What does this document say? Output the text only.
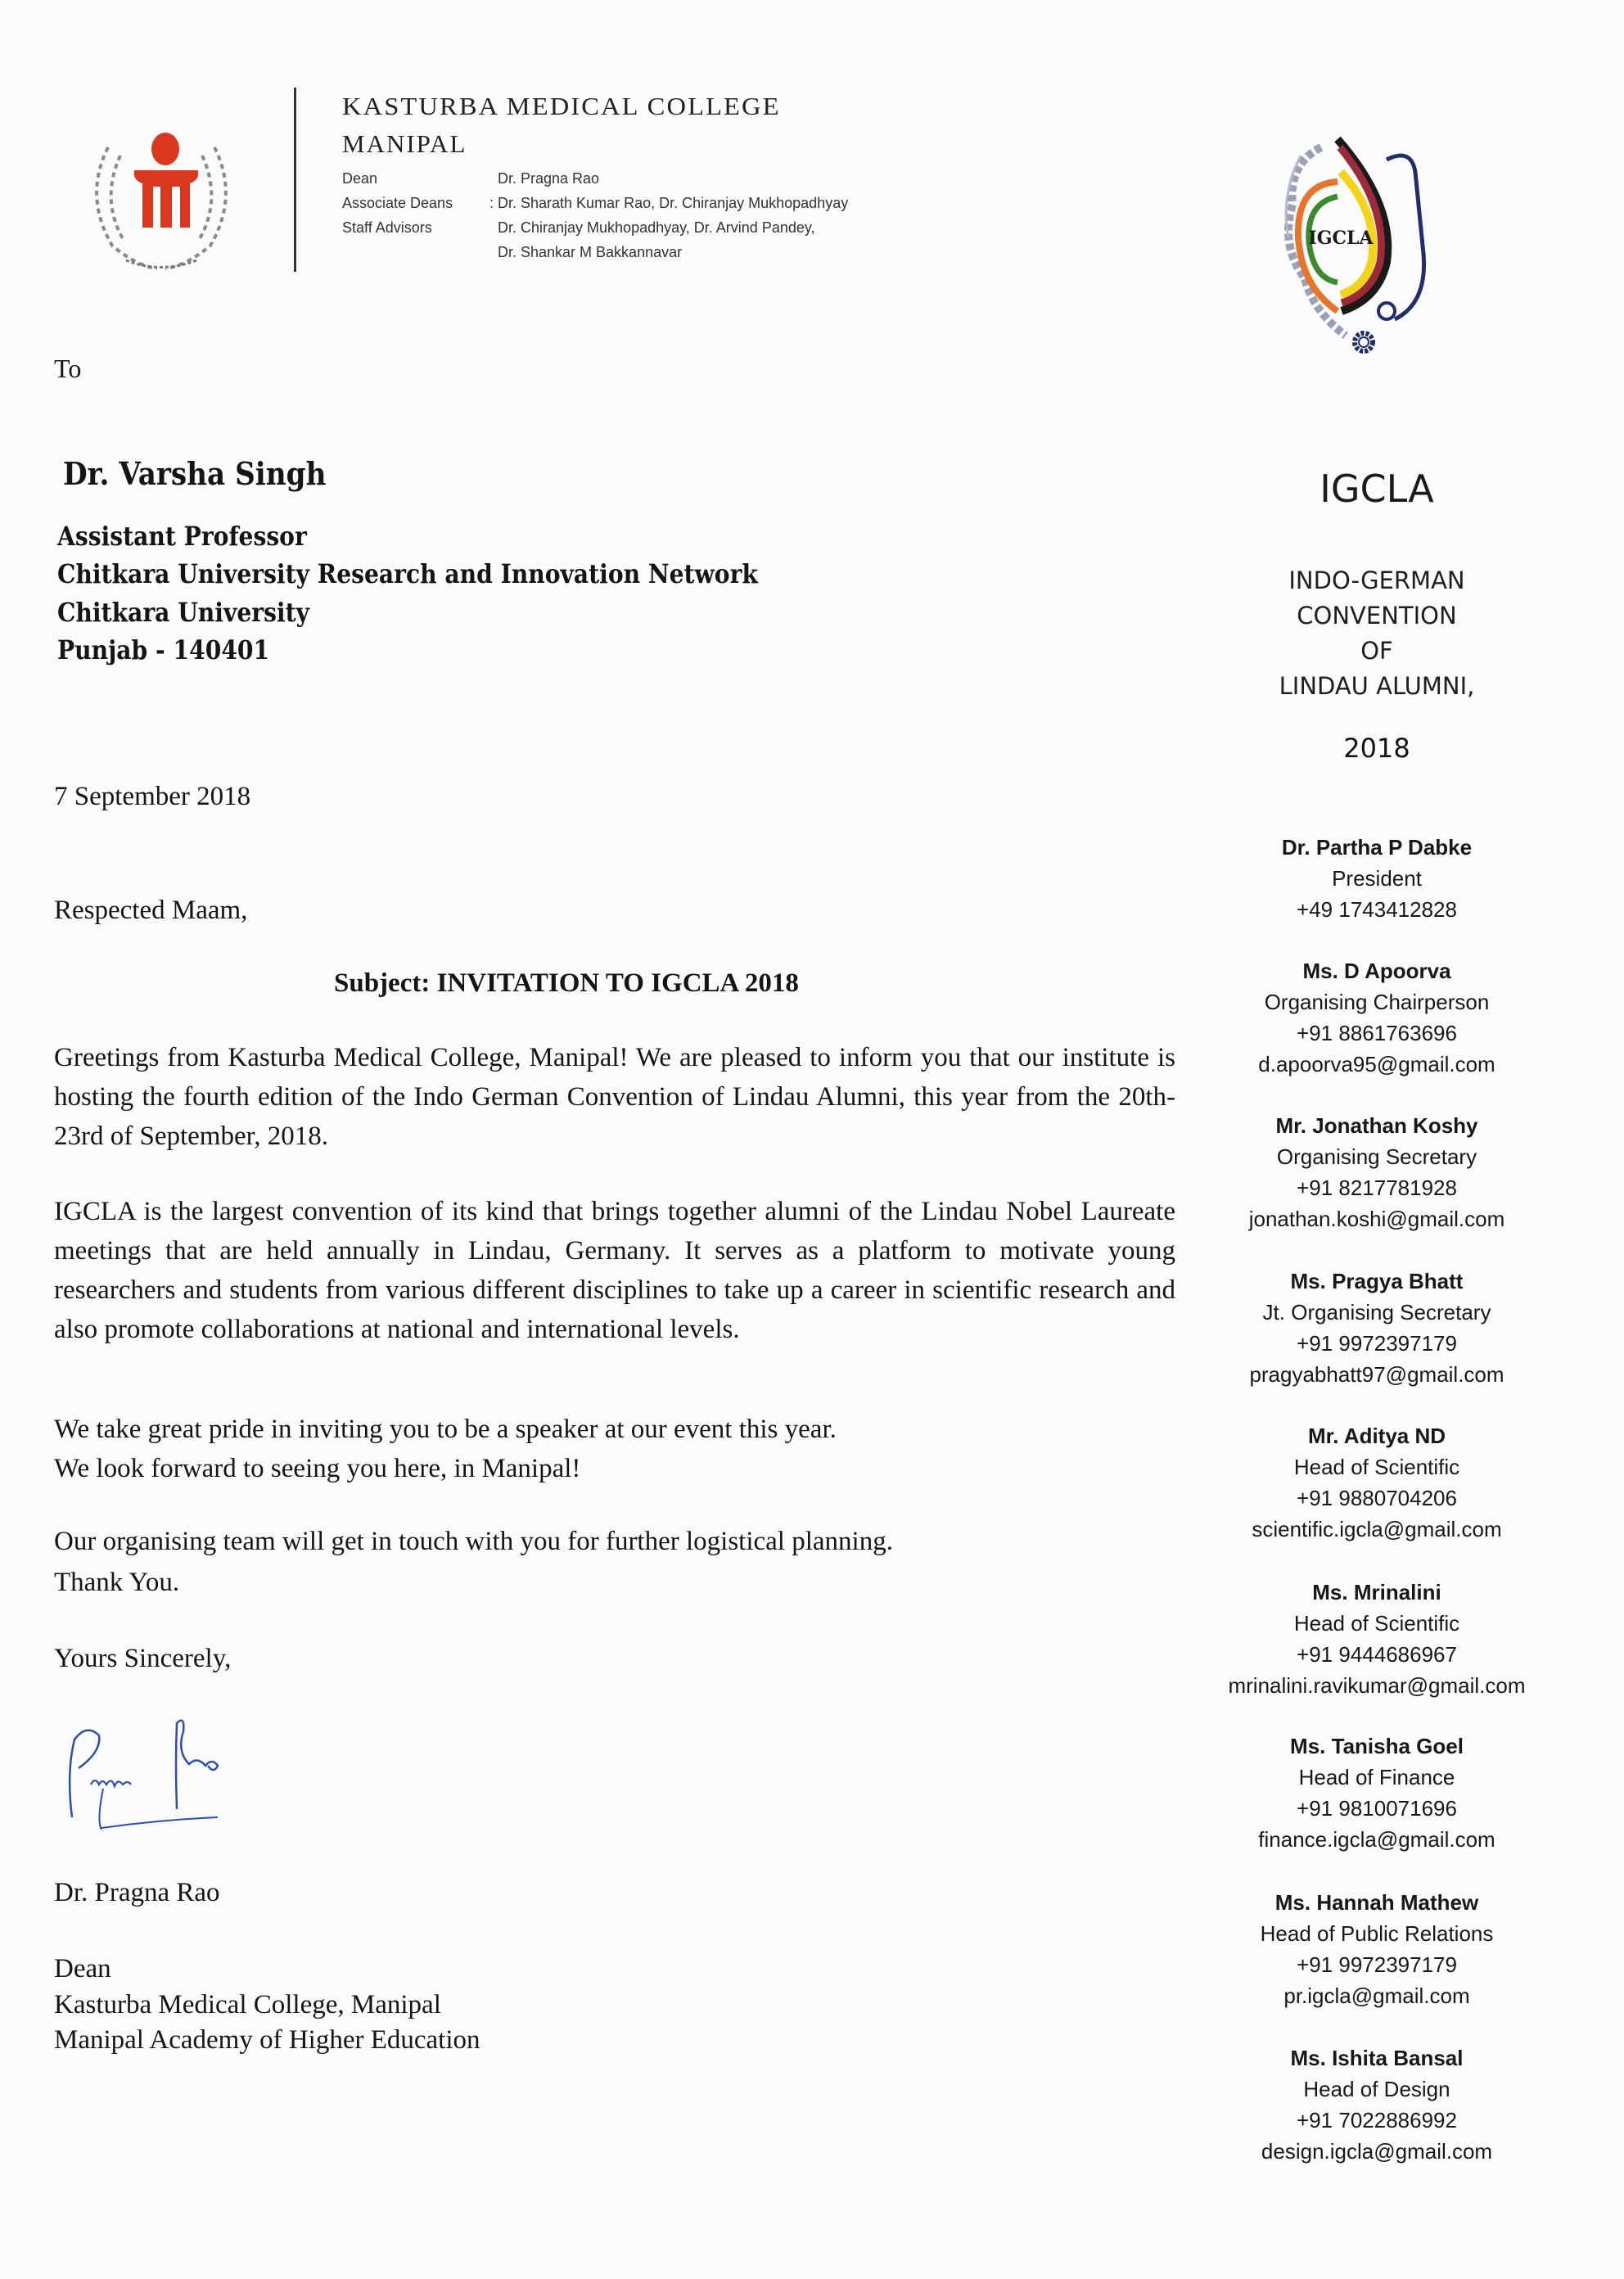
KASTURBA MEDICAL COLLEGE
MANIPAL
Dean	Dr. Pragna Rao
Associate Deans	: Dr. Sharath Kumar Rao, Dr. Chiranjay Mukhopadhyay
Staff Advisors	Dr. Chiranjay Mukhopadhyay, Dr. Arvind Pandey,
Dr. Shankar M Bakkannavar
IGCLA
To
Dr. Varsha Singh
Assistant Professor
Chitkara University Research and Innovation Network
Chitkara University
Punjab - 140401
7 September 2018
Respected Maam,
Subject: INVITATION TO IGCLA 2018
Greetings from Kasturba Medical College, Manipal! We are pleased to inform you that our institute is hosting the fourth edition of the Indo German Convention of Lindau Alumni, this year from the 20th- 23rd of September, 2018.
IGCLA is the largest convention of its kind that brings together alumni of the Lindau Nobel Laureate meetings that are held annually in Lindau, Germany. It serves as a platform to motivate young researchers and students from various different disciplines to take up a career in scientific research and also promote collaborations at national and international levels.
We take great pride in inviting you to be a speaker at our event this year.
We look forward to seeing you here, in Manipal!
Our organising team will get in touch with you for further logistical planning.
Thank You.
Yours Sincerely,
Dr. Pragna Rao
Dean
Kasturba Medical College, Manipal
Manipal Academy of Higher Education
IGCLA
INDO-GERMAN
CONVENTION
OF
LINDAU ALUMNI,
2018
Dr. Partha P Dabke
President
+49 1743412828
Ms. D Apoorva
Organising Chairperson
+91 8861763696
d.apoorva95@gmail.com
Mr. Jonathan Koshy
Organising Secretary
+91 8217781928
jonathan.koshi@gmail.com
Ms. Pragya Bhatt
Jt. Organising Secretary
+91 9972397179
pragyabhatt97@gmail.com
Mr. Aditya ND
Head of Scientific
+91 9880704206
scientific.igcla@gmail.com
Ms. Mrinalini
Head of Scientific
+91 9444686967
mrinalini.ravikumar@gmail.com
Ms. Tanisha Goel
Head of Finance
+91 9810071696
finance.igcla@gmail.com
Ms. Hannah Mathew
Head of Public Relations
+91 9972397179
pr.igcla@gmail.com
Ms. Ishita Bansal
Head of Design
+91 7022886992
design.igcla@gmail.com
